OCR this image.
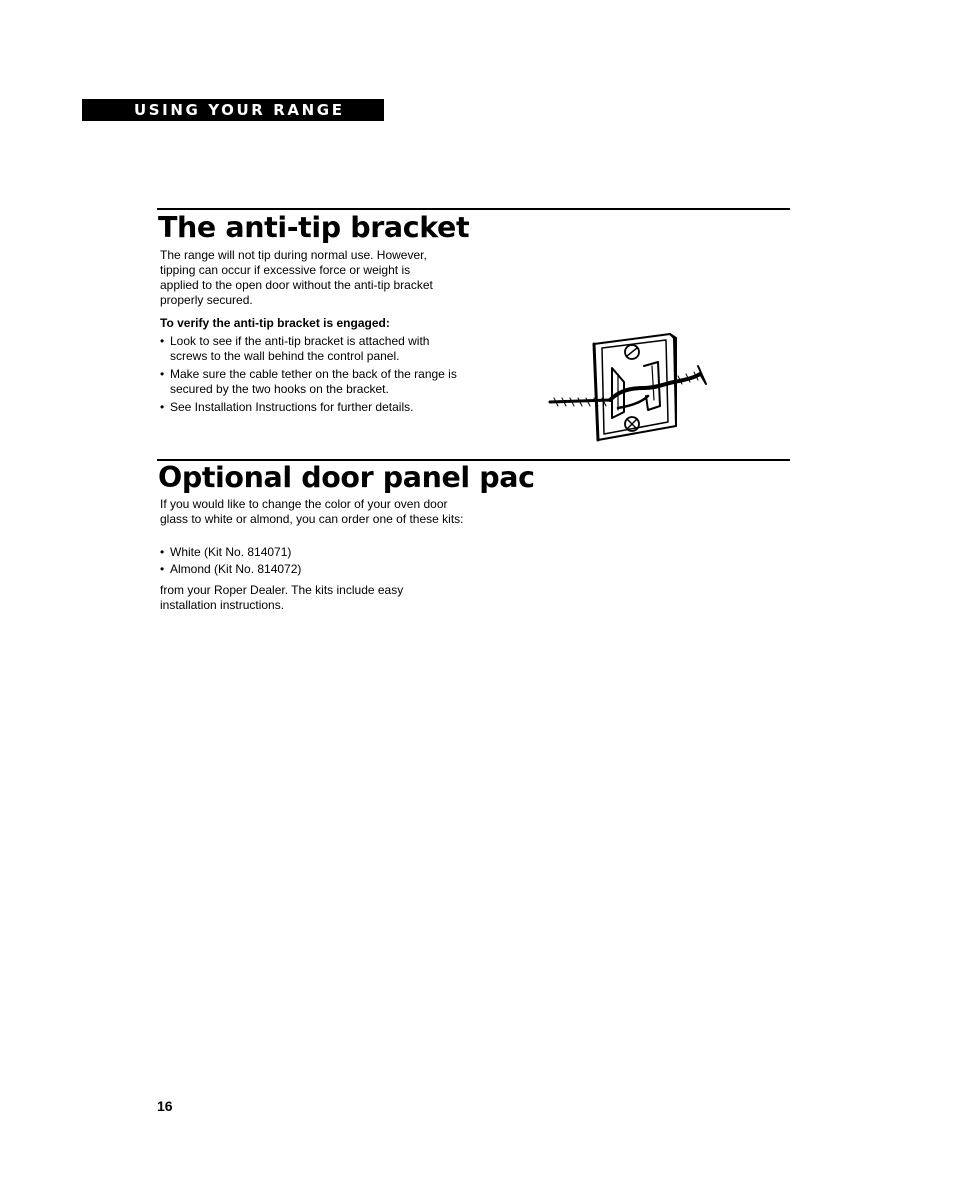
USING YOUR RANGE
The anti-tip bracket

The range will not tip during normal use. However, tipping can occur if excessive force or weight is applied to the open door without the anti-tip bracket properly secured.

To verify the anti-tip bracket is engaged:

• Look to see if the anti-tip bracket is attached with screws to the wall behind the control panel.
• Make sure the cable tether on the back of the range is secured by the two hooks on the bracket.
• See Installation Instructions for further details.
Optional door panel pac

If you would like to change the color of your oven door glass to white or almond, you can order one of these kits:

• White (Kit No. 814071)
• Almond (Kit No. 814072)

from your Roper Dealer. The kits include easy installation instructions.

16
